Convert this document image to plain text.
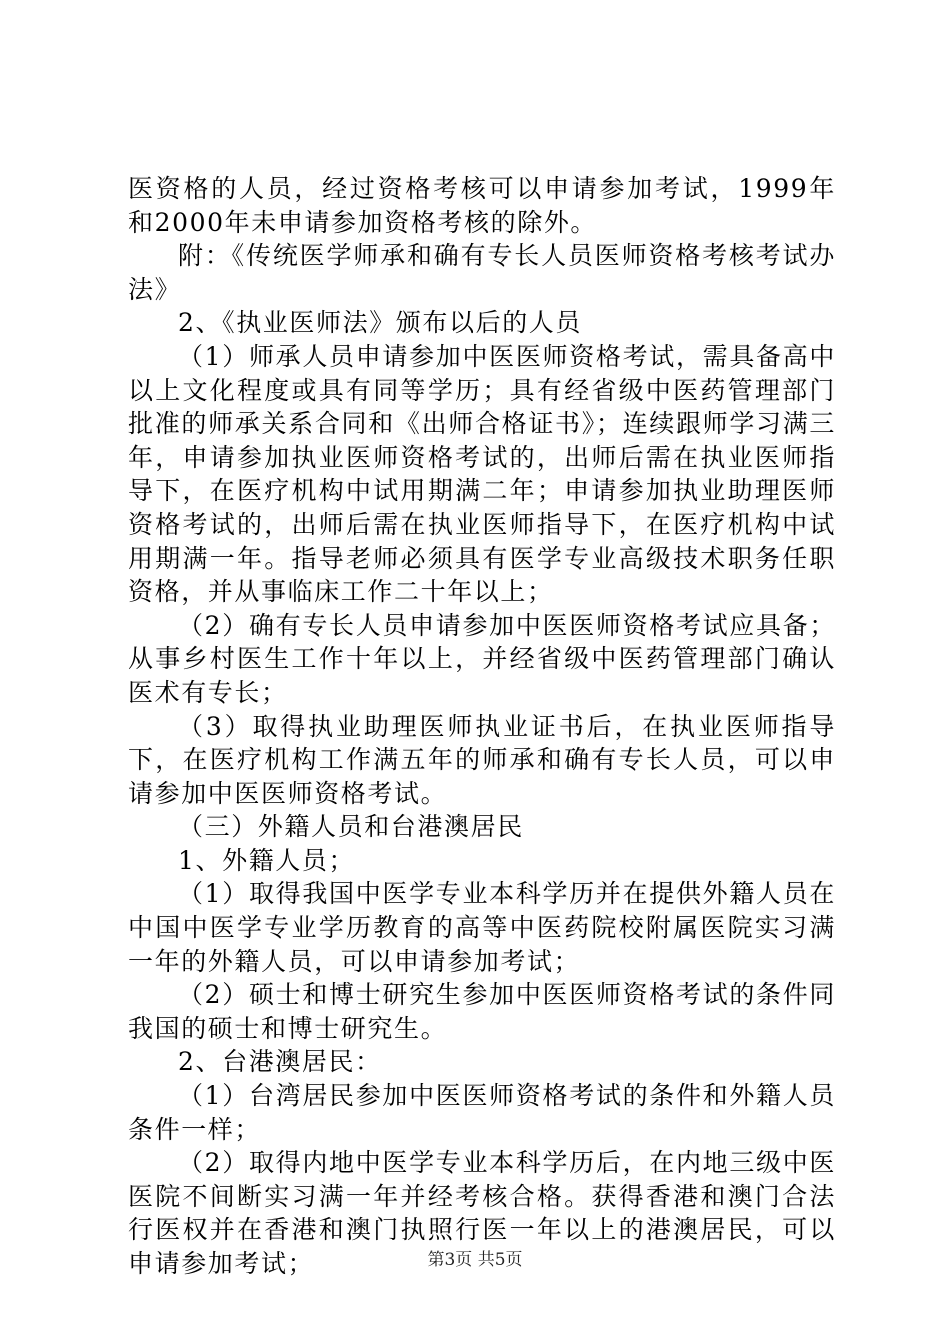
医资格的人员，经过资格考核可以申请参加考试，1999年和2000年未申请参加资格考核的除外。

附：《传统医学师承和确有专长人员医师资格考核考试办法》

2、《执业医师法》颁布以后的人员

（1）师承人员申请参加中医医师资格考试，需具备高中以上文化程度或具有同等学历；具有经省级中医药管理部门批准的师承关系合同和《出师合格证书》；连续跟师学习满三年，申请参加执业医师资格考试的，出师后需在执业医师指导下，在医疗机构中试用期满二年；申请参加执业助理医师资格考试的，出师后需在执业医师指导下，在医疗机构中试用期满一年。指导老师必须具有医学专业高级技术职务任职资格，并从事临床工作二十年以上；

（2）确有专长人员申请参加中医医师资格考试应具备；从事乡村医生工作十年以上，并经省级中医药管理部门确认医术有专长；

（3）取得执业助理医师执业证书后，在执业医师指导下，在医疗机构工作满五年的师承和确有专长人员，可以申请参加中医医师资格考试。

（三）外籍人员和台港澳居民

1、外籍人员；

（1）取得我国中医学专业本科学历并在提供外籍人员在中国中医学专业学历教育的高等中医药院校附属医院实习满一年的外籍人员，可以申请参加考试；

（2）硕士和博士研究生参加中医医师资格考试的条件同我国的硕士和博士研究生。

2、台港澳居民：

（1）台湾居民参加中医医师资格考试的条件和外籍人员条件一样；

（2）取得内地中医学专业本科学历后，在内地三级中医医院不间断实习满一年并经考核合格。获得香港和澳门合法行医权并在香港和澳门执照行医一年以上的港澳居民，可以申请参加考试；	第3页 共5页
